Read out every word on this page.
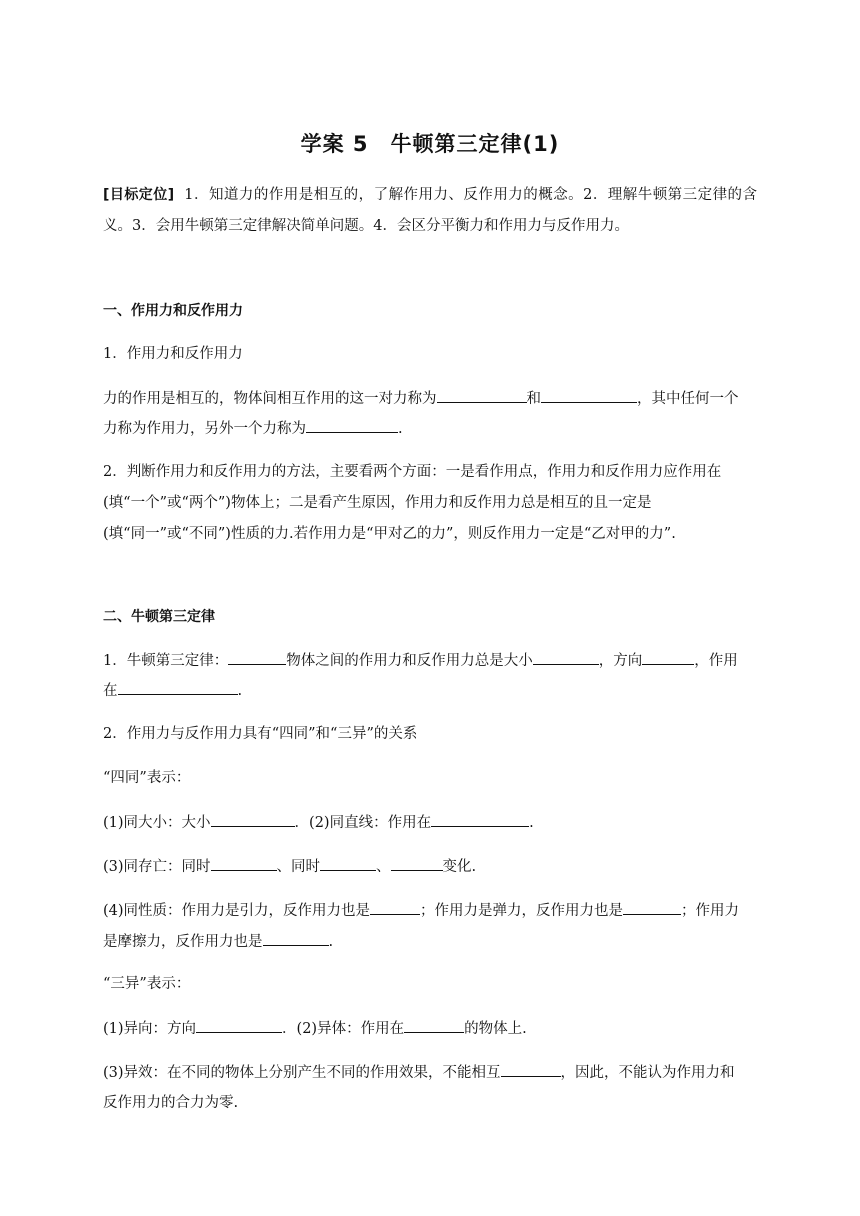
学案 5　牛顿第三定律(1)
[目标定位] 1．知道力的作用是相互的，了解作用力、反作用力的概念。2．理解牛顿第三定律的含
义。3．会用牛顿第三定律解决简单问题。4．会区分平衡力和作用力与反作用力。
一、作用力和反作用力
1．作用力和反作用力
力的作用是相互的，物体间相互作用的这一对力称为	和	，其中任何一个
力称为作用力，另外一个力称为	.
2．判断作用力和反作用力的方法，主要看两个方面：一是看作用点，作用力和反作用力应作用在
(填“一个”或“两个”)物体上；二是看产生原因，作用力和反作用力总是相互的且一定是
(填“同一”或“不同”)性质的力.若作用力是“甲对乙的力”，则反作用力一定是“乙对甲的力”.
二、牛顿第三定律
1．牛顿第三定律：	物体之间的作用力和反作用力总是大小	，方向	，作用
在	.
2．作用力与反作用力具有“四同”和“三异”的关系
“四同”表示：
(1)同大小：大小	．(2)同直线：作用在	.
(3)同存亡：同时	、同时	、	变化.
(4)同性质：作用力是引力，反作用力也是	；作用力是弹力，反作用力也是	；作用力
是摩擦力，反作用力也是	.
“三异”表示：
(1)异向：方向	．(2)异体：作用在	的物体上.
(3)异效：在不同的物体上分别产生不同的作用效果，不能相互	，因此，不能认为作用力和
反作用力的合力为零.
